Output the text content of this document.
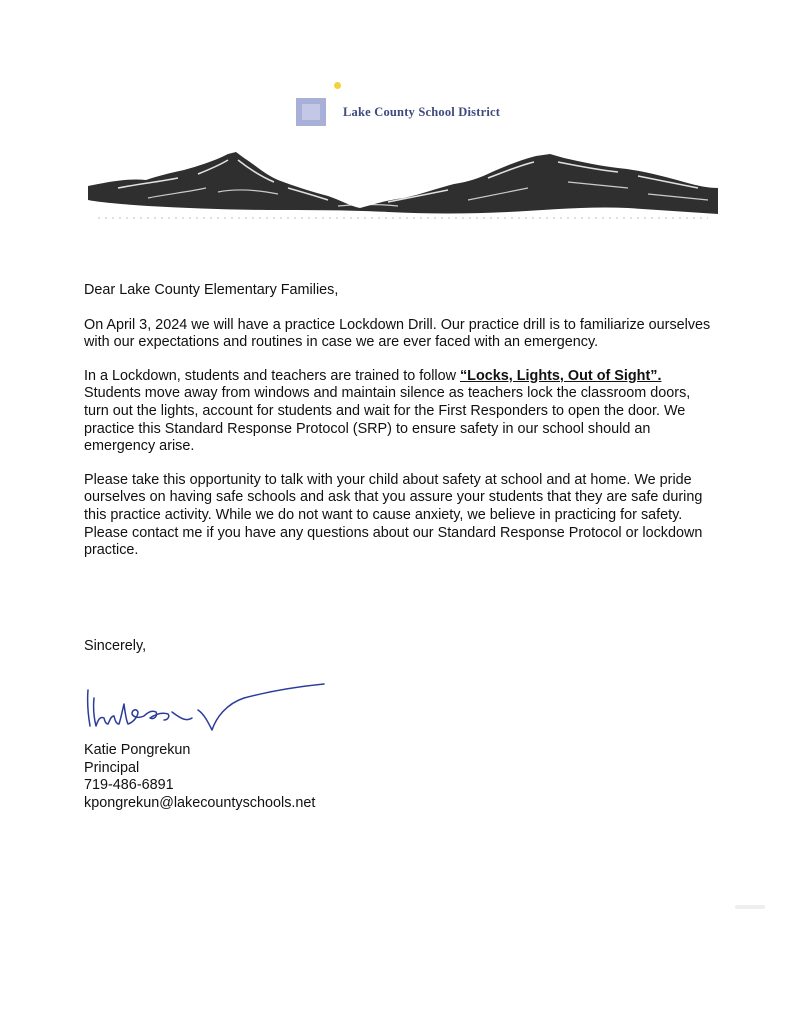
Lake County School District

Dear Lake County Elementary Families,

On April 3, 2024 we will have a practice Lockdown Drill. Our practice drill is to familiarize ourselves with our expectations and routines in case we are ever faced with an emergency.

In a Lockdown, students and teachers are trained to follow “Locks, Lights, Out of Sight”. Students move away from windows and maintain silence as teachers lock the classroom doors, turn out the lights, account for students and wait for the First Responders to open the door. We practice this Standard Response Protocol (SRP) to ensure safety in our school should an emergency arise.

Please take this opportunity to talk with your child about safety at school and at home. We pride ourselves on having safe schools and ask that you assure your students that they are safe during this practice activity. While we do not want to cause anxiety, we believe in practicing for safety. Please contact me if you have any questions about our Standard Response Protocol or lockdown practice.

Sincerely,
Katie Pongrekun
Principal
719-486-6891
kpongrekun@lakecountyschools.net
